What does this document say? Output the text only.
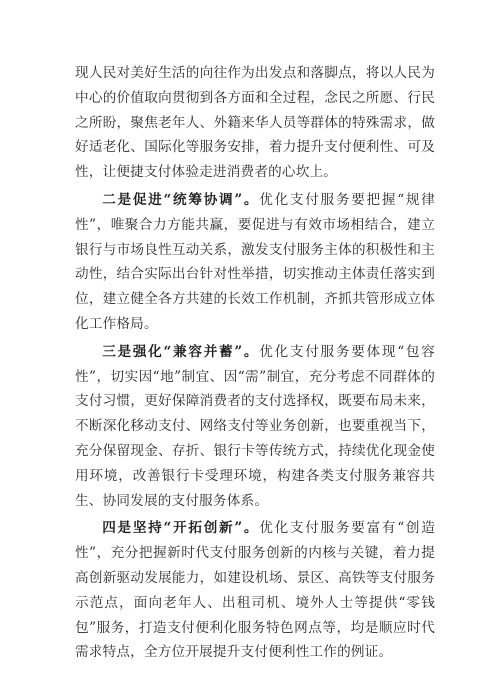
现人民对美好生活的向往作为出发点和落脚点，将以人民为中心的价值取向贯彻到各方面和全过程，念民之所愿、行民之所盼，聚焦老年人、外籍来华人员等群体的特殊需求，做好适老化、国际化等服务安排，着力提升支付便利性、可及性，让便捷支付体验走进消费者的心坎上。

二是促进“统筹协调”。优化支付服务要把握“规律性”，唯聚合力方能共赢，要促进与有效市场相结合，建立银行与市场良性互动关系，激发支付服务主体的积极性和主动性，结合实际出台针对性举措，切实推动主体责任落实到位，建立健全各方共建的长效工作机制，齐抓共管形成立体化工作格局。

三是强化“兼容并蓄”。优化支付服务要体现“包容性”，切实因“地”制宜、因“需”制宜，充分考虑不同群体的支付习惯，更好保障消费者的支付选择权，既要布局未来，不断深化移动支付、网络支付等业务创新，也要重视当下，充分保留现金、存折、银行卡等传统方式，持续优化现金使用环境，改善银行卡受理环境，构建各类支付服务兼容共生、协同发展的支付服务体系。

四是坚持“开拓创新”。优化支付服务要富有“创造性”，充分把握新时代支付服务创新的内核与关键，着力提高创新驱动发展能力，如建设机场、景区、高铁等支付服务示范点，面向老年人、出租司机、境外人士等提供“零钱包”服务，打造支付便利化服务特色网点等，均是顺应时代需求特点，全方位开展提升支付便利性工作的例证。
